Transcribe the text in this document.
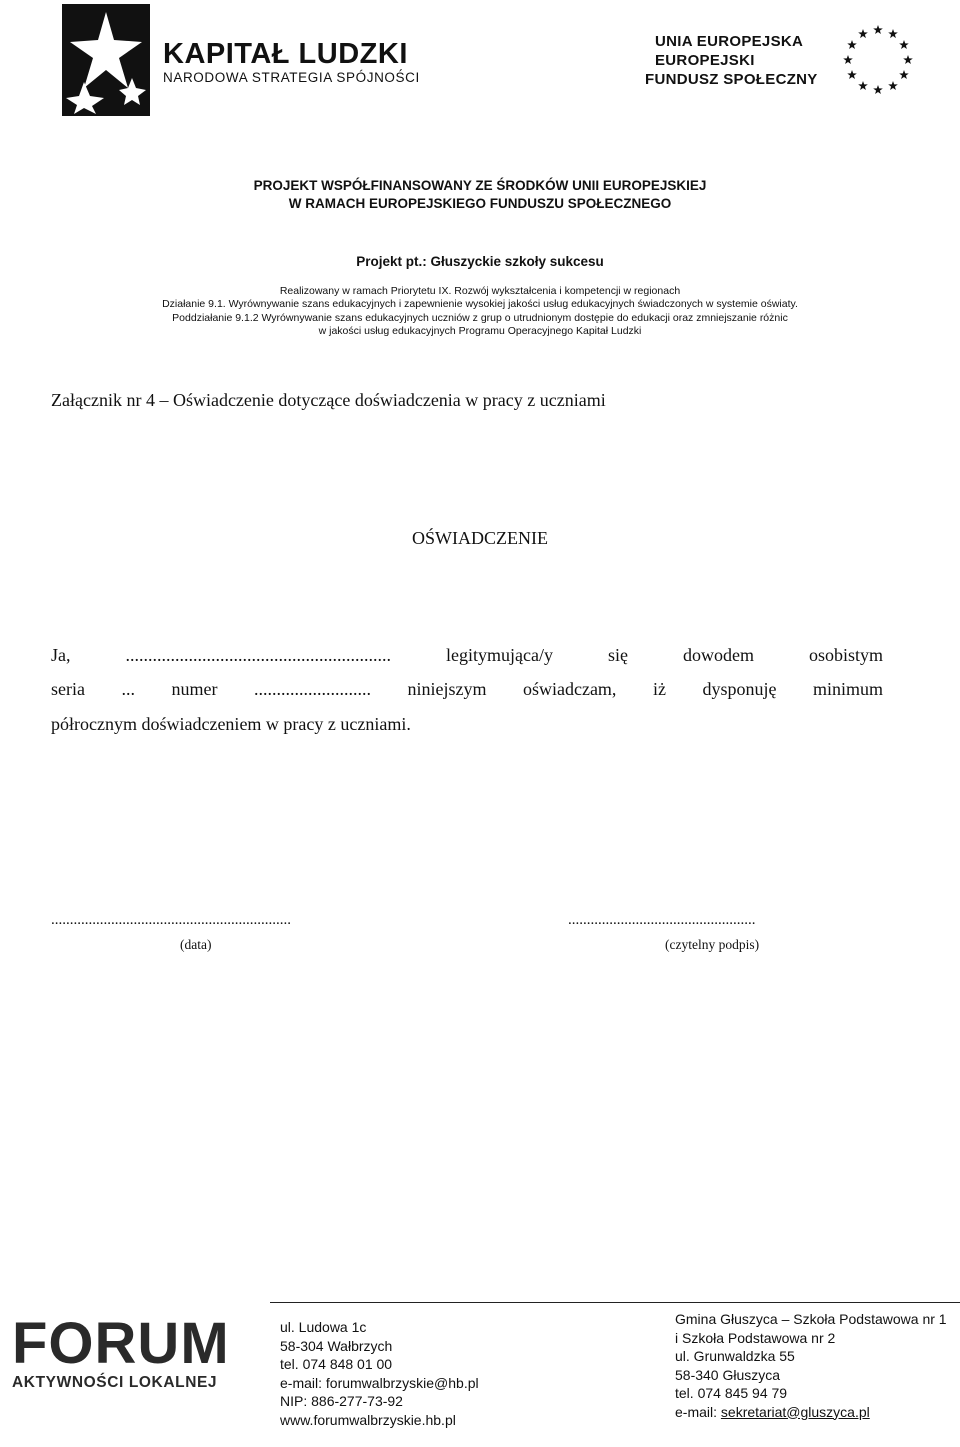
KAPITAŁ LUDZKI
NARODOWA STRATEGIA SPÓJNOŚCI
UNIA EUROPEJSKA
EUROPEJSKI
FUNDUSZ SPOŁECZNY
PROJEKT WSPÓŁFINANSOWANY ZE ŚRODKÓW UNII EUROPEJSKIEJ
W RAMACH EUROPEJSKIEGO FUNDUSZU SPOŁECZNEGO
Projekt pt.: Głuszyckie szkoły sukcesu
Realizowany w ramach Priorytetu IX. Rozwój wykształcenia i kompetencji w regionach
Działanie 9.1. Wyrównywanie szans edukacyjnych i zapewnienie wysokiej jakości usług edukacyjnych świadczonych w systemie oświaty.
Poddziałanie 9.1.2 Wyrównywanie szans edukacyjnych uczniów z grup o utrudnionym dostępie do edukacji oraz zmniejszanie różnic
w jakości usług edukacyjnych Programu Operacyjnego Kapitał Ludzki
Załącznik nr 4 – Oświadczenie dotyczące doświadczenia w pracy z uczniami
OŚWIADCZENIE
Ja,	...........................................................	legitymująca/y	się	dowodem	osobistym
seria ... numer .......................... niniejszym oświadczam, iż dysponuję minimum
półrocznym doświadczeniem w pracy z uczniami.
................................................................	..................................................
(data)	(czytelny podpis)
FORUM
AKTYWNOŚCI LOKALNEJ
ul. Ludowa 1c
58-304 Wałbrzych
tel. 074 848 01 00
e-mail: forumwalbrzyskie@hb.pl
NIP: 886-277-73-92
www.forumwalbrzyskie.hb.pl
Gmina Głuszyca – Szkoła Podstawowa nr 1
i Szkoła Podstawowa nr 2
ul. Grunwaldzka 55
58-340 Głuszyca
tel. 074 845 94 79
e-mail: sekretariat@gluszyca.pl
